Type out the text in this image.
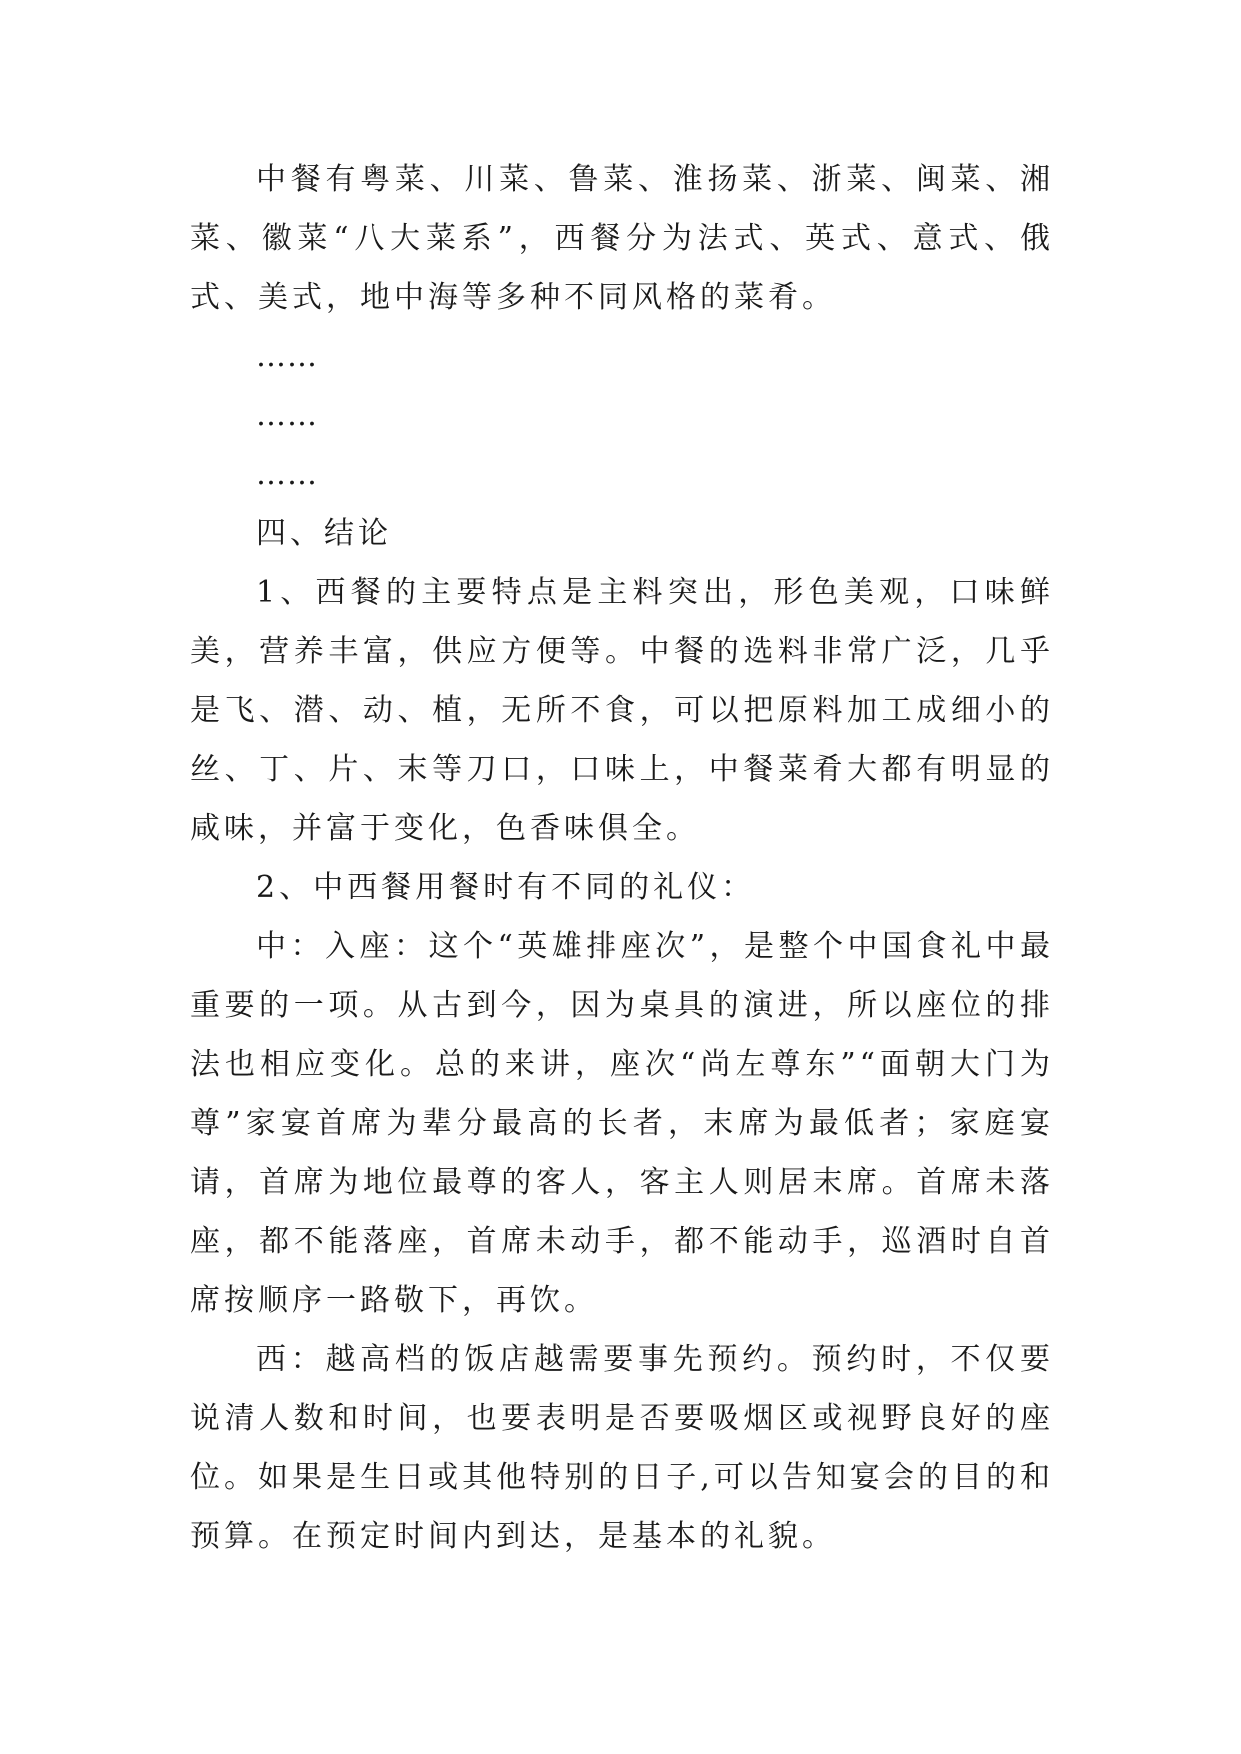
中餐有粤菜、川菜、鲁菜、淮扬菜、浙菜、闽菜、湘菜、徽菜“八大菜系”，西餐分为法式、英式、意式、俄式、美式，地中海等多种不同风格的菜肴。

……

……

……

四、结论

1、西餐的主要特点是主料突出，形色美观，口味鲜美，营养丰富，供应方便等。中餐的选料非常广泛，几乎是飞、潜、动、植，无所不食，可以把原料加工成细小的丝、丁、片、末等刀口，口味上，中餐菜肴大都有明显的咸味，并富于变化，色香味俱全。

2、中西餐用餐时有不同的礼仪：

中：入座：这个“英雄排座次”，是整个中国食礼中最重要的一项。从古到今，因为桌具的演进，所以座位的排法也相应变化。总的来讲，座次“尚左尊东”“面朝大门为尊”家宴首席为辈分最高的长者，末席为最低者；家庭宴请，首席为地位最尊的客人，客主人则居末席。首席未落座，都不能落座，首席未动手，都不能动手，巡酒时自首席按顺序一路敬下，再饮。

西：越高档的饭店越需要事先预约。预约时，不仅要说清人数和时间，也要表明是否要吸烟区或视野良好的座位。如果是生日或其他特别的日子,可以告知宴会的目的和预算。在预定时间内到达，是基本的礼貌。
